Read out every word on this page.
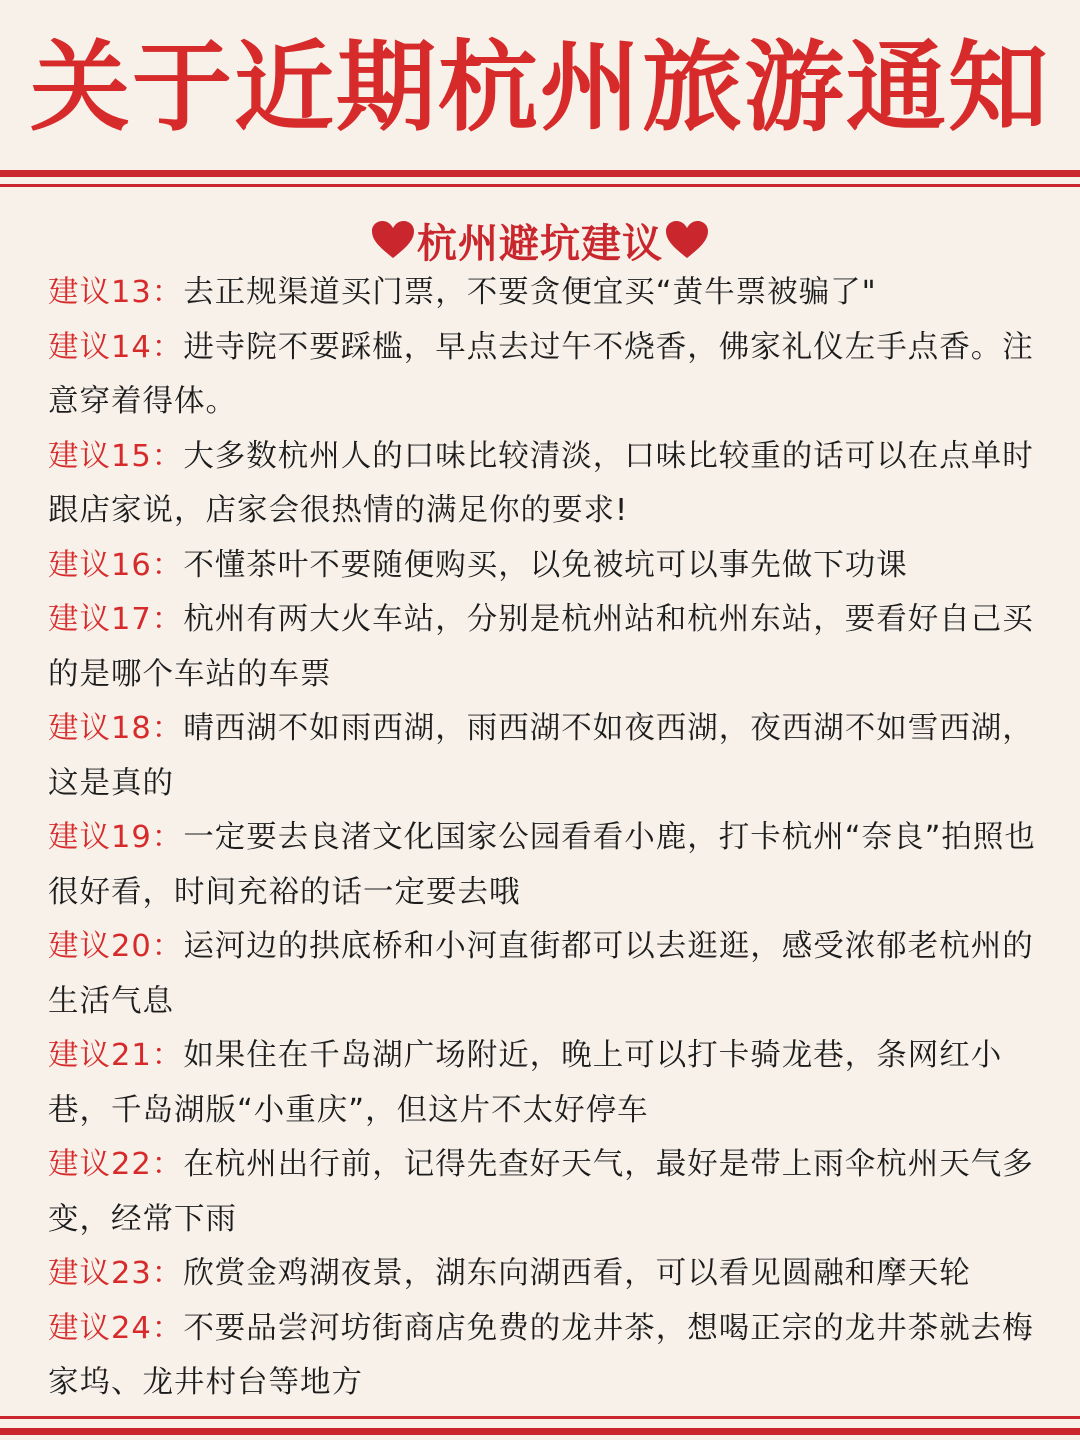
关于近期杭州旅游通知
杭州避坑建议

建议13：去正规渠道买门票，不要贪便宜买“黄牛票被骗了"

建议14：进寺院不要踩槛，早点去过午不烧香，佛家礼仪左手点香。注意穿着得体。

建议15：大多数杭州人的口味比较清淡，口味比较重的话可以在点单时跟店家说，店家会很热情的满足你的要求!

建议16：不懂茶叶不要随便购买，以免被坑可以事先做下功课

建议17：杭州有两大火车站，分别是杭州站和杭州东站，要看好自己买的是哪个车站的车票

建议18：晴西湖不如雨西湖，雨西湖不如夜西湖，夜西湖不如雪西湖，这是真的

建议19：一定要去良渚文化国家公园看看小鹿，打卡杭州“奈良”拍照也很好看，时间充裕的话一定要去哦

建议20：运河边的拱底桥和小河直街都可以去逛逛，感受浓郁老杭州的生活气息

建议21：如果住在千岛湖广场附近，晚上可以打卡骑龙巷，条网红小巷，千岛湖版“小重庆”，但这片不太好停车

建议22：在杭州出行前，记得先查好天气，最好是带上雨伞杭州天气多变，经常下雨

建议23：欣赏金鸡湖夜景，湖东向湖西看，可以看见圆融和摩天轮

建议24：不要品尝河坊街商店免费的龙井茶，想喝正宗的龙井茶就去梅家坞、龙井村台等地方
